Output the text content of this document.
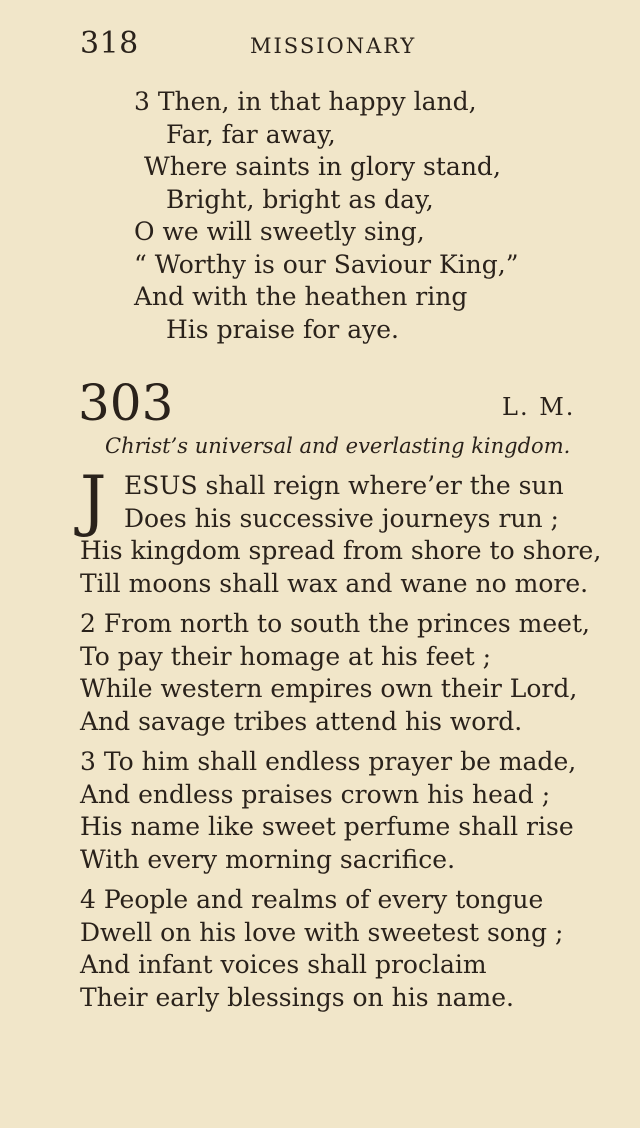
318	MISSIONARY
3 Then, in that happy land,
Far, far away,
Where saints in glory stand,
Bright, bright as day,
O we will sweetly sing,
“ Worthy is our Saviour King,”
And with the heathen ring
His praise for aye.
303	L. M.
Christ’s universal and everlasting kingdom.
J ESUS shall reign where’er the sun
Does his successive journeys run ;
His kingdom spread from shore to shore,
Till moons shall wax and wane no more.
2 From north to south the princes meet,
To pay their homage at his feet ;
While western empires own their Lord,
And savage tribes attend his word.
3 To him shall endless prayer be made,
And endless praises crown his head ;
His name like sweet perfume shall rise
With every morning sacrifice.
4 People and realms of every tongue
Dwell on his love with sweetest song ;
And infant voices shall proclaim
Their early blessings on his name.
